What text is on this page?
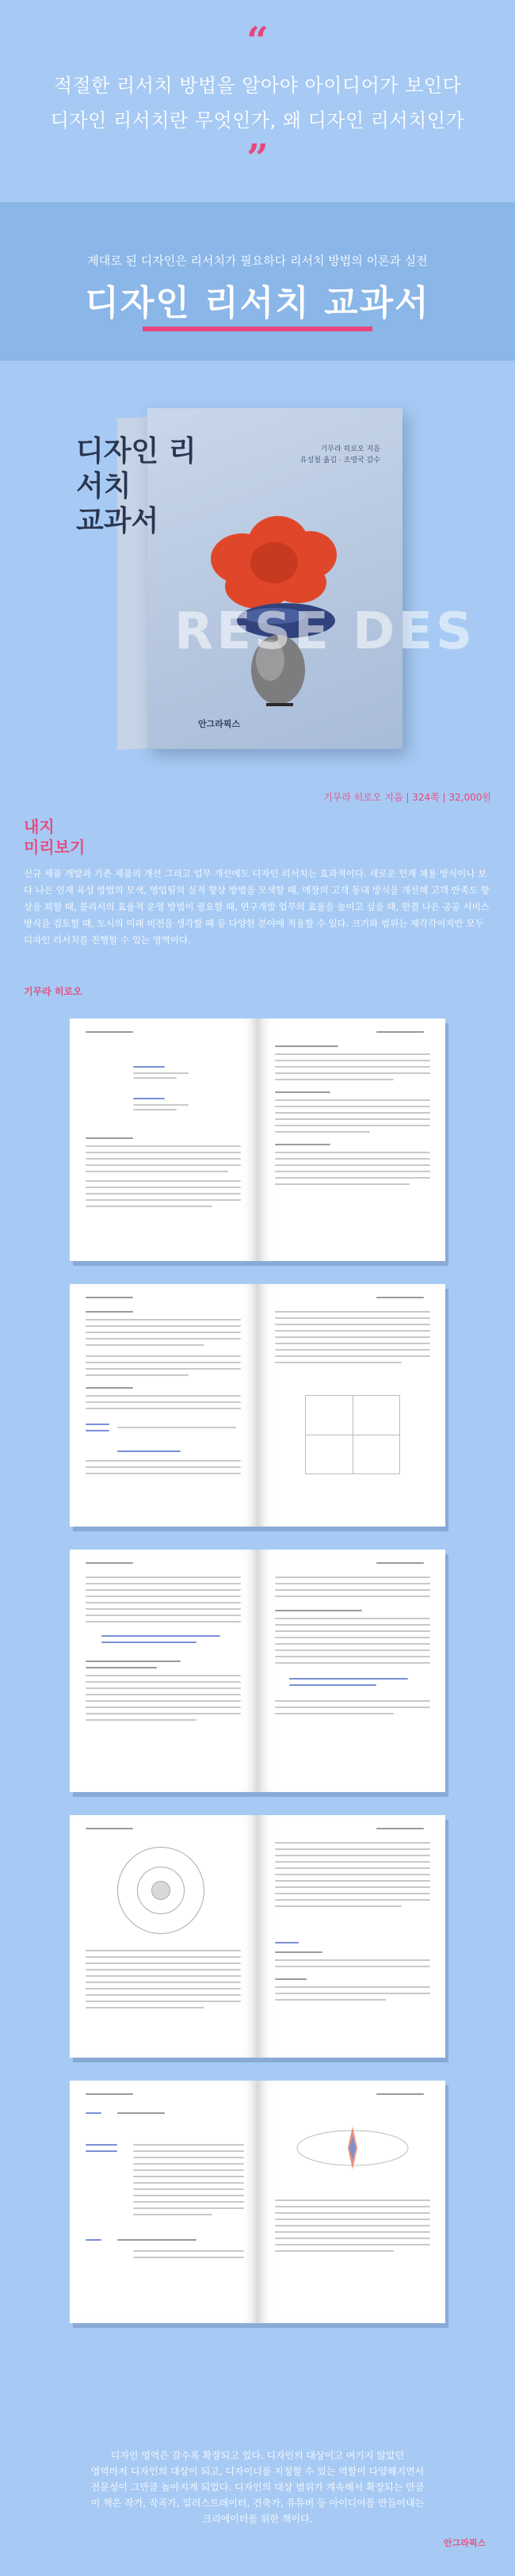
“
적절한 리서치 방법을 알아야 아이디어가 보인다
디자인 리서치란 무엇인가, 왜 디자인 리서치인가
”
제대로 된 디자인은 리서치가 필요하다 리서치 방법의 이론과 실전
디자인 리서치 교과서
디자인 리서치
교과서
기무라 히로오 지음
유성철 옮김 · 조영국 감수
RESE DES
안그라픽스
기무라 히로오 지음 | 324쪽 | 32,000원
내지
미리보기
신규 제품 개발과 기존 제품의 개선 그리고 업무 개선에도 디자인 리서치는 효과적이다. 새로운 인재 채용 방식이나 보다 나은 인재 육성 방법의 모색, 영업팀의 실적 향상 방법을 모색할 때, 매장의 고객 동대 방식을 개선해 고객 만족도 향상을 꾀할 때, 물리서의 효율적 운영 방법이 필요할 때, 연구개발 업무의 효율을 높이고 싶을 때, 한결 나은 공공 서비스 방식을 검토할 때, 도시의 미래 비전을 생각할 때 등 다양한 분야에 적용할 수 있다. 크기와 범위는 제각각이지만 모두 디자인 리서치를 진행할 수 있는 영역이다.
기무라 히로오
디자인 영역은 갈수록 확장되고 있다. 디자인의 대상이고 여기지 않았던
영역마저 디자인의 대상이 되고, 디자이너를 지칭할 수 있는 역할이 다양해지면서
전문성이 그만큼 높아지게 되었다. 디자인의 대상 범위가 계속해서 확장되는 만큼
이 책은 작가, 작곡가, 일러스트레이터, 건축가, 유튜버 등 아이디어를 만들어내는
크리에이터를 위한 책이다.
안그라픽스
